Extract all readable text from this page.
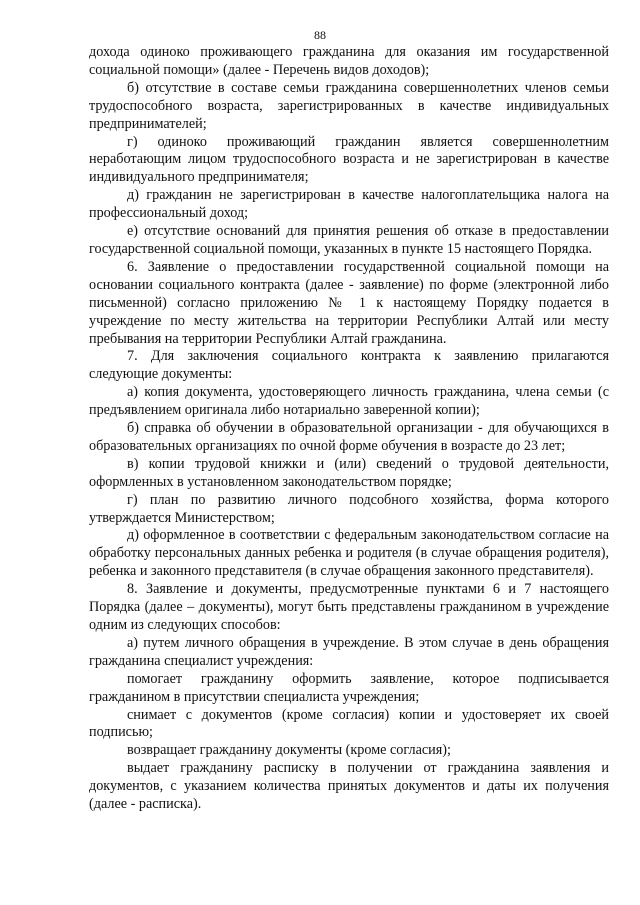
88

дохода одиноко проживающего гражданина для оказания им государственной социальной помощи» (далее - Перечень видов доходов);

б) отсутствие в составе семьи гражданина совершеннолетних членов семьи трудоспособного возраста, зарегистрированных в качестве индивидуальных предпринимателей;

г) одиноко проживающий гражданин является совершеннолетним неработающим лицом трудоспособного возраста и не зарегистрирован в качестве индивидуального предпринимателя;

д) гражданин не зарегистрирован в качестве налогоплательщика налога на профессиональный доход;

е) отсутствие оснований для принятия решения об отказе в предоставлении государственной социальной помощи, указанных в пункте 15 настоящего Порядка.

6. Заявление о предоставлении государственной социальной помощи на основании социального контракта (далее - заявление) по форме (электронной либо письменной) согласно приложению № 1 к настоящему Порядку подается в учреждение по месту жительства на территории Республики Алтай или месту пребывания на территории Республики Алтай гражданина.

7. Для заключения социального контракта к заявлению прилагаются следующие документы:

а) копия документа, удостоверяющего личность гражданина, члена семьи (с предъявлением оригинала либо нотариально заверенной копии);

б) справка об обучении в образовательной организации - для обучающихся в образовательных организациях по очной форме обучения в возрасте до 23 лет;

в) копии трудовой книжки и (или) сведений о трудовой деятельности, оформленных в установленном законодательством порядке;

г) план по развитию личного подсобного хозяйства, форма которого утверждается Министерством;

д) оформленное в соответствии с федеральным законодательством согласие на обработку персональных данных ребенка и родителя (в случае обращения родителя), ребенка и законного представителя (в случае обращения законного представителя).

8. Заявление и документы, предусмотренные пунктами 6 и 7 настоящего Порядка (далее – документы), могут быть представлены гражданином в учреждение одним из следующих способов:

а) путем личного обращения в учреждение. В этом случае в день обращения гражданина специалист учреждения:

помогает гражданину оформить заявление, которое подписывается гражданином в присутствии специалиста учреждения;

снимает с документов (кроме согласия) копии и удостоверяет их своей подписью;

возвращает гражданину документы (кроме согласия);

выдает гражданину расписку в получении от гражданина заявления и документов, с указанием количества принятых документов и даты их получения (далее - расписка).
